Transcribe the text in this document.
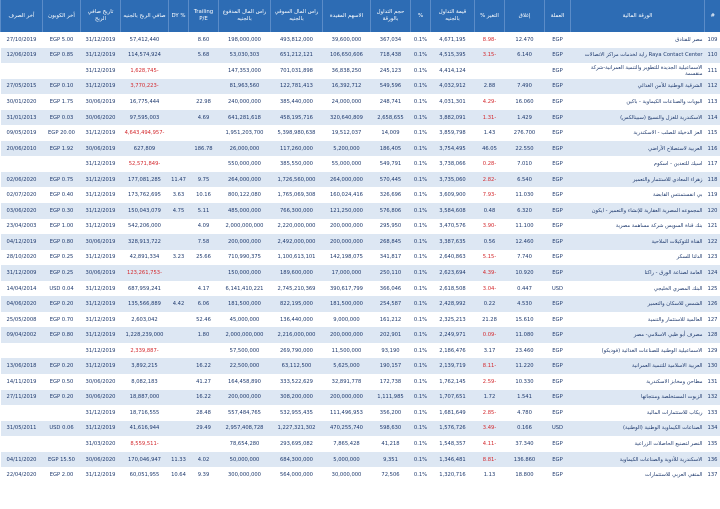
#	الورقة المالية	العملة	إغلاق	التغير %	قيمة التداول بالجنيه	%	حجم التداول بالورقة	الاسهم المقيدة	راس المال السوقي بالجنيه	راس المال المدفوع بالجنيه	Trailing P/E	% DY	صافي الربح بالجنيه	تاريخ صافي الربح	أخر الكوبون	أخر الصرف
109	مصر للفنادق	EGP	12.470	-8.98	4,671,195	0.1%	367,034	39,600,000	493,812,000	198,000,000	8.60		57,412,440	31/12/2019	EGP 5.00	27/10/2019
110	Raya Contact Center راية لخدمات مراكز الاتصالات	EGP	6.140	-3.15	4,515,395	0.1%	718,438	106,650,606	651,212,121	53,030,303	5.68		114,574,924	31/12/2019	EGP 0.85	12/06/2019
111	الاسماعيلية الجديدة للتطوير والتنمية العمرانية-شركة منقسمة	EGP			4,414,124	0.1%	245,123	36,838,250	701,031,898	147,353,000			-1,628,745	31/12/2019		
112	الشرقية الوطنية للأمن الغذائي	EGP	7.490	2.88	4,032,912	0.1%	549,596	16,392,712	122,781,413	81,963,560			-3,770,223	31/12/2019	EGP 0.10	27/05/2015
113	البويات والصناعات الكيماوية - باكين	EGP	16.060	-4.29	4,031,301	0.1%	248,741	24,000,000	385,440,000	240,000,000	22.98		16,775,444	30/06/2019	EGP 1.75	30/01/2020
114	الاسكندرية للغزل والنسيج (سبينالكس)	EGP	1.429	-1.31	3,882,091	0.1%	2,658,655	320,640,809	458,195,716	641,281,618	4.69		97,595,003	30/06/2020	EGP 0.03	31/01/2013
115	العز الدخيلة للصلب - الاسكندرية	EGP	276.700	1.43	3,859,798	0.1%	14,009	19,512,037	5,398,980,638	1,951,203,700			-4,643,494,957	31/12/2019	EGP 20.00	09/05/2019
116	العربية لاستصلاح الأراضي	EGP	22.550	46.05	3,754,495	0.1%	186,405	5,200,000	117,260,000	26,000,000	186.78		627,809	30/06/2019	EGP 1.92	20/06/2010
117	اسيك للتعدين - اسكوم	EGP	7.010	-0.28	3,738,066	0.1%	549,791	55,000,000	385,550,000	550,000,000			-52,571,849	31/12/2019		
118	زهراء المعادي للاستثمار والتعمير	EGP	6.540	-2.82	3,735,060	0.1%	570,445	264,000,000	1,726,560,000	264,000,000	9.75	11.47	177,081,285	31/12/2019	EGP 0.75	02/06/2020
119	بي انفستمنتس القابضة	EGP	11.030	-7.93	3,609,900	0.1%	326,696	160,024,416	1,765,069,308	800,122,080	10.16	3.63	173,762,695	31/12/2019	EGP 0.40	02/07/2020
120	المجموعه المصرية العقارية للإنشاء والتعمير - ايكون	EGP	6.320	0.48	3,584,608	0.1%	576,806	121,250,000	766,300,000	485,000,000	5.11	4.75	150,043,079	31/12/2019	EGP 0.30	03/06/2020
121	بنك قناة السويس شركة مساهمة مصرية	EGP	11.100	-3.90	3,470,576	0.1%	295,950	200,000,000	2,220,000,000	2,000,000,000	4.09		542,206,000	31/12/2019	EGP 1.00	23/04/2003
122	القناة للتوكيلات الملاحية	EGP	12.460	0.56	3,387,635	0.1%	268,845	200,000,000	2,492,000,000	200,000,000	7.58		328,913,722	30/06/2019	EGP 0.80	04/12/2019
123	الدلتا للسكر	EGP	7.740	-5.15	2,640,863	0.1%	341,817	142,198,075	1,100,613,101	710,990,375	25.66	3.23	42,891,334	31/12/2019	EGP 0.25	28/10/2020
124	العامة لصناعة الورق - راكتا	EGP	10.920	-4.39	2,623,694	0.1%	250,110	17,000,000	189,600,000	150,000,000			-123,261,753	30/06/2019	EGP 0.25	31/12/2009
125	البنك المصري الخليجي	USD	0.447	-3.04	2,618,508	0.1%	366,046	390,617,799	2,745,210,369	6,141,410,221	4.17		687,959,241	31/12/2019	USD 0.04	14/04/2014
126	الشمس للاسكان والتعمير	EGP	4.530	0.22	2,428,992	0.1%	254,587	181,500,000	822,195,000	181,500,000	6.06	4.42	135,566,889	31/12/2019	EGP 0.20	04/06/2020
127	العالمية للاستثمار والتنمية	EGP	15.610	21.28	2,325,213	0.1%	161,212	9,000,000	136,440,000	45,000,000	52.46		2,603,042	31/12/2019	EGP 0.70	25/05/2008
128	مصرف أبو ظبي الاسلامي- مصر	EGP	11.080	-0.09	2,249,971	0.1%	202,901	200,000,000	2,216,000,000	2,000,000,000	1.80		1,228,239,000	31/12/2019	EGP 0.80	09/04/2002
129	الاسماعيلية الوطنية للصناعات الغذائية (فوديكو)	EGP	23.460	3.17	2,186,476	0.1%	93,190	11,500,000	269,790,000	57,500,000			-2,339,887	31/12/2019		
130	العربية الاسلامية للتنمية العمرانية	EGP	11.220	-8.11	2,139,719	0.1%	190,157	5,625,000	63,112,500	22,500,000	16.22		3,892,215	31/12/2019	EGP 0.20	13/06/2018
131	مطاحن ومخابز الاسكندرية	EGP	10.330	-2.59	1,762,145	0.1%	172,738	32,891,778	333,522,629	164,458,890	41.27		8,082,183	30/06/2020	EGP 0.50	14/11/2019
132	الزيوت المستخلصة ومنتجاتها	EGP	1.541	1.72	1,707,651	0.1%	1,111,985	200,000,000	308,200,000	200,000,000	16.22		18,887,000	30/06/2020	EGP 0.20	27/11/2019
133	ريكاب للاستثمارات المالية	EGP	4.780	-2.85	1,681,649	0.1%	356,200	111,496,953	532,955,435	557,484,765	28.48		18,716,555	31/12/2019		
134	الصناعات الكيماوية الوطنية (الوطنية)	USD	0.166	-3.49	1,576,726	0.1%	598,630	470,255,740	1,227,321,302	2,957,408,728	29.49		41,616,944	31/12/2019	USD 0.06	31/05/2011
135	النصر لتصنيع الحاصلات الزراعية	EGP	37.340	-4.11	1,548,357	0.1%	41,218	7,865,428	293,695,082	78,654,280			-8,559,511	31/03/2020		
136	الاسكندرية للأدوية والصناعات الكيماوية	EGP	136.860	-8.81	1,346,481	0.1%	9,351	5,000,000	684,300,000	50,000,000	4.02	11.33	170,046,947	30/06/2020	EGP 15.50	04/11/2020
137	المتقي العربي للاستثمارات	EGP	18.800	1.13	1,320,716	0.1%	72,506	30,000,000	564,000,000	300,000,000	9.39	10.64	60,051,955	31/12/2019	EGP 2.00	22/04/2020
